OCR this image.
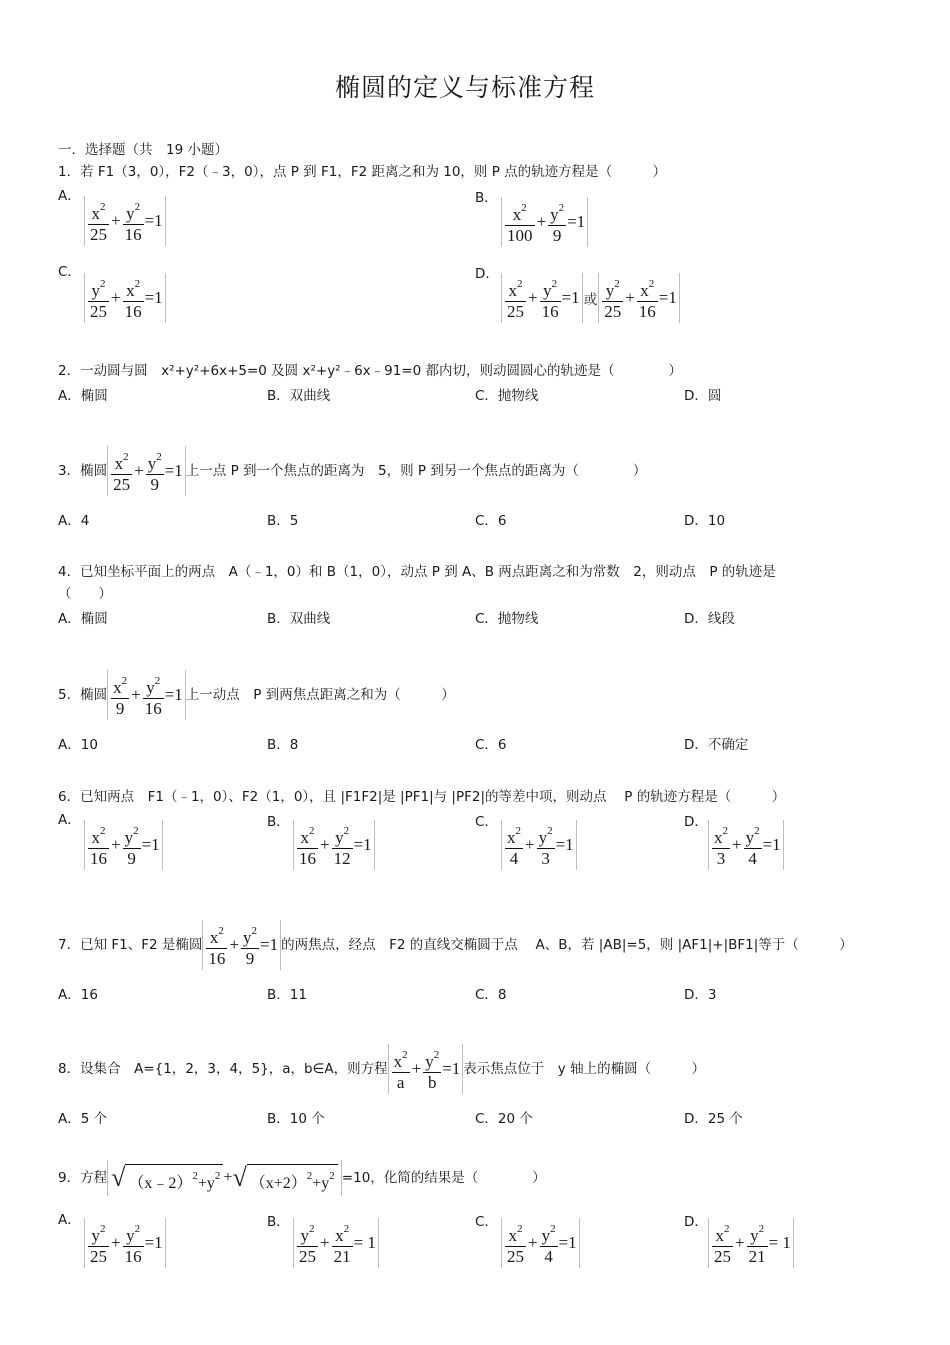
椭圆的定义与标准方程
一．选择题（共　19 小题）
1．若 F1（3，0），F2（﹣3，0），点 P 到 F1，F2 距离之和为 10，则 P 点的轨迹方程是（　　　）
A．	B．
C．	D．
$\frac{x^2}{25} + \frac{y^2}{16} =1$	$\frac{x^2}{100} + \frac{y^2}{9} =1$
$\frac{y^2}{25} + \frac{x^2}{16} =1$	$\frac{x^2}{25} + \frac{y^2}{16} =1$ 或 $\frac{y^2}{25} + \frac{x^2}{16} =1$
2．一动圆与圆　x²+y²+6x+5=0 及圆 x²+y²﹣6x﹣91=0 都内切，则动圆圆心的轨迹是（　　　　）
A．椭圆	B．双曲线	C．抛物线	D．圆
3．椭圆 $\frac{x^2}{25} + \frac{y^2}{9} =1$ 上一点 P 到一个焦点的距离为　5，则 P 到另一个焦点的距离为（　　　　）
A．4	B．5	C．6	D．10
4．已知坐标平面上的两点　A（﹣1，0）和 B（1，0），动点 P 到 A、B 两点距离之和为常数　2，则动点　P 的轨迹是
（　　）
A．椭圆	B．双曲线	C．抛物线	D．线段
5．椭圆 $\frac{x^2}{9} + \frac{y^2}{16} =1$ 上一动点　P 到两焦点距离之和为（　　　）
A．10	B．8	C．6	D．不确定
6．已知两点　F1（﹣1，0）、F2（1，0），且 |F1F2|是 |PF1|与 |PF2|的等差中项，则动点　 P 的轨迹方程是（　　　）
A．	B．	C．	D．
$\frac{x^2}{16} + \frac{y^2}{9} =1$	$\frac{x^2}{16} + \frac{y^2}{12} =1$	$\frac{x^2}{4} + \frac{y^2}{3} =1$	$\frac{x^2}{3} + \frac{y^2}{4} =1$
7．已知 F1、F2 是椭圆 $\frac{x^2}{16} + \frac{y^2}{9} =1$ 的两焦点，经点　F2 的直线交椭圆于点　 A、B，若 |AB|=5，则 |AF1|+|BF1|等于（　　　）
A．16	B．11	C．8	D．3
8．设集合　A={1，2，3，4，5}，a，b∈A，则方程 $\frac{x^2}{a} + \frac{y^2}{b} =1$ 表示焦点位于　y 轴上的椭圆（　　　）
A．5 个	B．10 个	C．20 个	D．25 个
9．方程 √ $(x﹣2)^2+y^2$ + √ $(x+2)^2+y^2 =10$，化简的结果是（　　　　）
A．	B．	C．	D．
$\frac{y^2}{25} + \frac{y^2}{16} =1$	$\frac{y^2}{25} + \frac{x^2}{21} = 1$	$\frac{x^2}{25} + \frac{y^2}{4} =1$	$\frac{x^2}{25} + \frac{y^2}{21} = 1$
